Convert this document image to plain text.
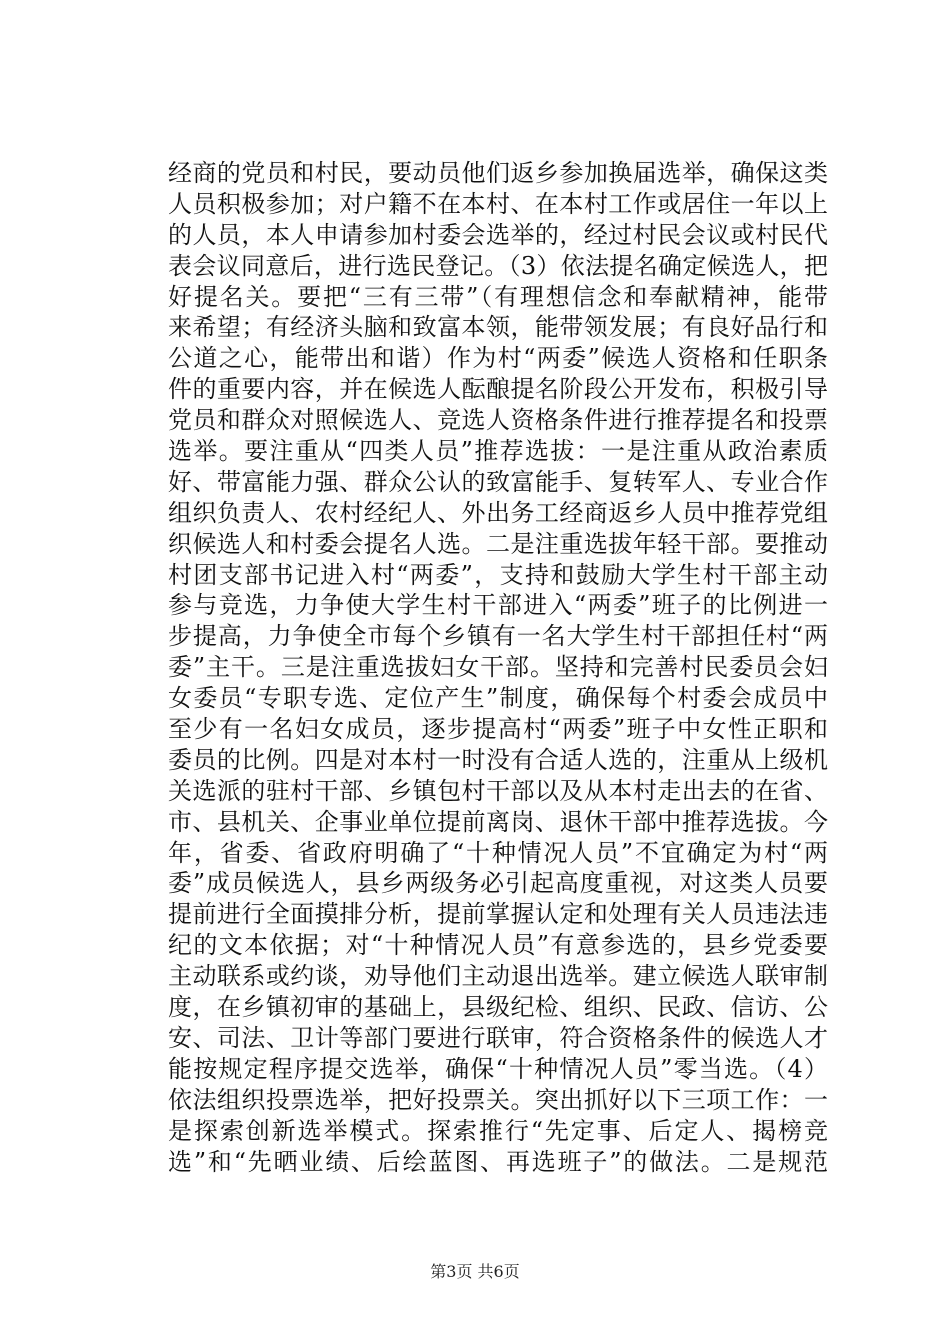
经商的党员和村民，要动员他们返乡参加换届选举，确保这类
人员积极参加；对户籍不在本村、在本村工作或居住一年以上
的人员，本人申请参加村委会选举的，经过村民会议或村民代
表会议同意后，进行选民登记。（3）依法提名确定候选人，把
好提名关。要把“三有三带”（有理想信念和奉献精神，能带
来希望；有经济头脑和致富本领，能带领发展；有良好品行和
公道之心，能带出和谐）作为村“两委”候选人资格和任职条
件的重要内容，并在候选人酝酿提名阶段公开发布，积极引导
党员和群众对照候选人、竞选人资格条件进行推荐提名和投票
选举。要注重从“四类人员”推荐选拔：一是注重从政治素质
好、带富能力强、群众公认的致富能手、复转军人、专业合作
组织负责人、农村经纪人、外出务工经商返乡人员中推荐党组
织候选人和村委会提名人选。二是注重选拔年轻干部。要推动
村团支部书记进入村“两委”，支持和鼓励大学生村干部主动
参与竞选，力争使大学生村干部进入“两委”班子的比例进一
步提高，力争使全市每个乡镇有一名大学生村干部担任村“两
委”主干。三是注重选拔妇女干部。坚持和完善村民委员会妇
女委员“专职专选、定位产生”制度，确保每个村委会成员中
至少有一名妇女成员，逐步提高村“两委”班子中女性正职和
委员的比例。四是对本村一时没有合适人选的，注重从上级机
关选派的驻村干部、乡镇包村干部以及从本村走出去的在省、
市、县机关、企事业单位提前离岗、退休干部中推荐选拔。今
年，省委、省政府明确了“十种情况人员”不宜确定为村“两
委”成员候选人，县乡两级务必引起高度重视，对这类人员要
提前进行全面摸排分析，提前掌握认定和处理有关人员违法违
纪的文本依据；对“十种情况人员”有意参选的，县乡党委要
主动联系或约谈，劝导他们主动退出选举。建立候选人联审制
度，在乡镇初审的基础上，县级纪检、组织、民政、信访、公
安、司法、卫计等部门要进行联审，符合资格条件的候选人才
能按规定程序提交选举，确保“十种情况人员”零当选。（4）
依法组织投票选举，把好投票关。突出抓好以下三项工作：一
是探索创新选举模式。探索推行“先定事、后定人、揭榜竞
选”和“先晒业绩、后绘蓝图、再选班子”的做法。二是规范
第3页 共6页
